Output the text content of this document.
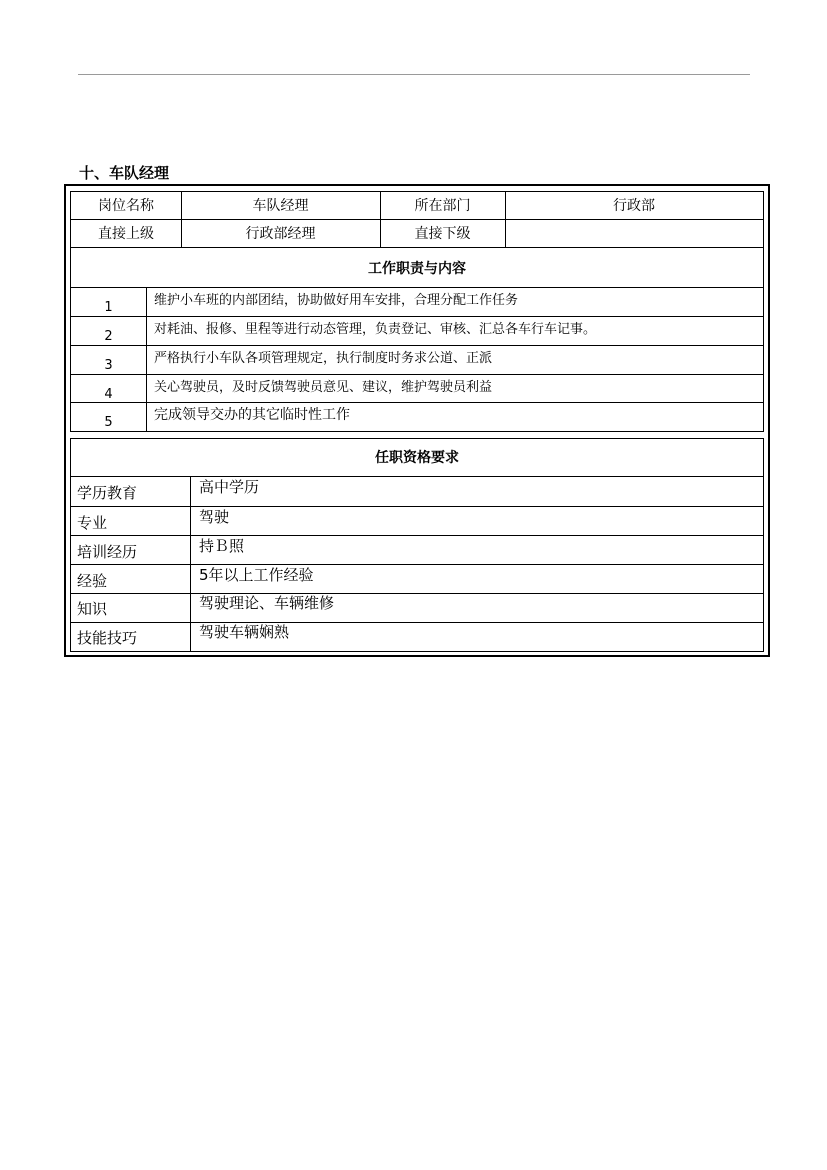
十、车队经理
岗位名称	车队经理	所在部门	行政部
直接上级	行政部经理	直接下级
工作职责与内容
1	维护小车班的内部团结，协助做好用车安排，合理分配工作任务
2	对耗油、报修、里程等进行动态管理，负责登记、审核、汇总各车行车记事。
3	严格执行小车队各项管理规定，执行制度时务求公道、正派
4	关心驾驶员，及时反馈驾驶员意见、建议，维护驾驶员利益
5	完成领导交办的其它临时性工作
任职资格要求
学历教育	高中学历
专业	驾驶
培训经历	持Ｂ照
经验	5年以上工作经验
知识	驾驶理论、车辆维修
技能技巧	驾驶车辆娴熟
